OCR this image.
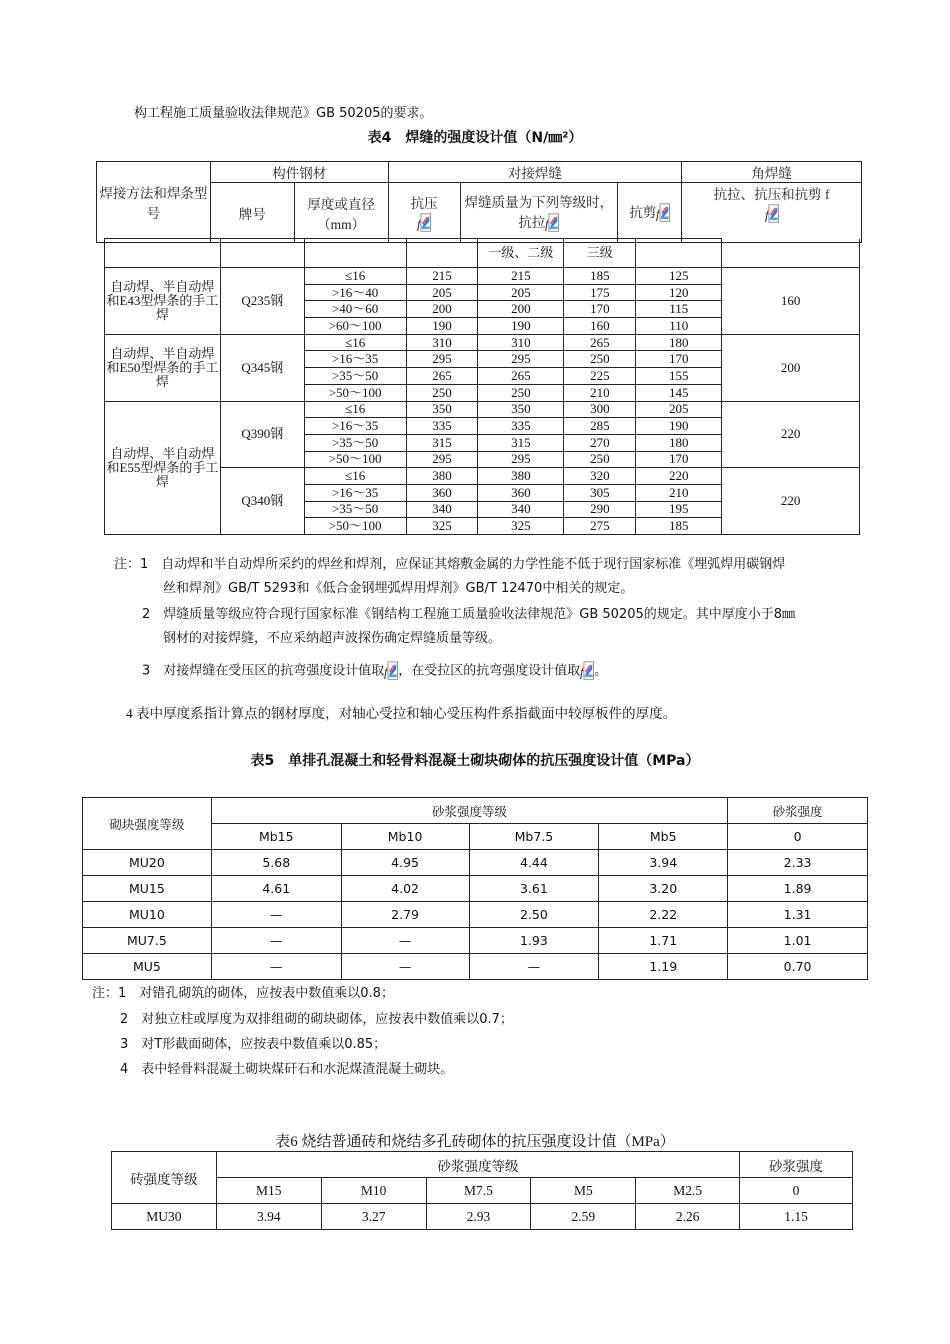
构工程施工质量验收法律规范》GB 50205的要求。
表4　焊缝的强度设计值（N/㎜²）
焊接方法和焊条型号	构件钢材		对接焊缝			角焊缝
	牌号	厚度或直径（mm）	抗压	焊缝质量为下列等级时，抗拉	抗剪	抗拉、抗压和抗剪 f

				一级、二级	三级		
自动焊、半自动焊和E43型焊条的手工焊	Q235钢	≤16	215	215	185	125	160
		>16～40	205	205	175	120	
		>40～60	200	200	170	115	
		>60～100	190	190	160	110	
自动焊、半自动焊和E50型焊条的手工焊	Q345钢	≤16	310	310	265	180	200
		>16～35	295	295	250	170	
		>35～50	265	265	225	155	
		>50～100	250	250	210	145	
自动焊、半自动焊和E55型焊条的手工焊	Q390钢	≤16	350	350	300	205	220
		>16～35	335	335	285	190	
		>35～50	315	315	270	180	
		>50～100	295	295	250	170	
	Q340钢	≤16	380	380	320	220	220
		>16～35	360	360	305	210	
		>35～50	340	340	290	195	
		>50～100	325	325	275	185	
注：1　自动焊和半自动焊所采约的焊丝和焊剂，应保证其熔敷金属的力学性能不低于现行国家标准《埋弧焊用碳钢焊
丝和焊剂》GB/T 5293和《低合金钢埋弧焊用焊剂》GB/T 12470中相关的规定。
2　焊缝质量等级应符合现行国家标准《钢结构工程施工质量验收法律规范》GB 50205的规定。其中厚度小于8㎜
钢材的对接焊缝，不应采纳超声波探伤确定焊缝质量等级。
3　对接焊缝在受压区的抗弯强度设计值取 ，在受拉区的抗弯强度设计值取 。
4 表中厚度系指计算点的钢材厚度，对轴心受拉和轴心受压构件系指截面中较厚板件的厚度。
表5　单排孔混凝土和轻骨料混凝土砌块砌体的抗压强度设计值（MPa）
砌块强度等级	砂浆强度等级				砂浆强度
	Mb15	Mb10	Mb7.5	Mb5	0
MU20	5.68	4.95	4.44	3.94	2.33
MU15	4.61	4.02	3.61	3.20	1.89
MU10	—	2.79	2.50	2.22	1.31
MU7.5	—	—	1.93	1.71	1.01
MU5	—	—	—	1.19	0.70
注：1　对错孔砌筑的砌体，应按表中数值乘以0.8；
2　对独立柱或厚度为双排组砌的砌块砌体，应按表中数值乘以0.7；
3　对T形截面砌体，应按表中数值乘以0.85；
4　表中轻骨料混凝土砌块煤矸石和水泥煤渣混凝土砌块。
表6 烧结普通砖和烧结多孔砖砌体的抗压强度设计值（MPa）
砖强度等级	砂浆强度等级					砂浆强度
	M15	M10	M7.5	M5	M2.5	0
MU30	3.94	3.27	2.93	2.59	2.26	1.15
